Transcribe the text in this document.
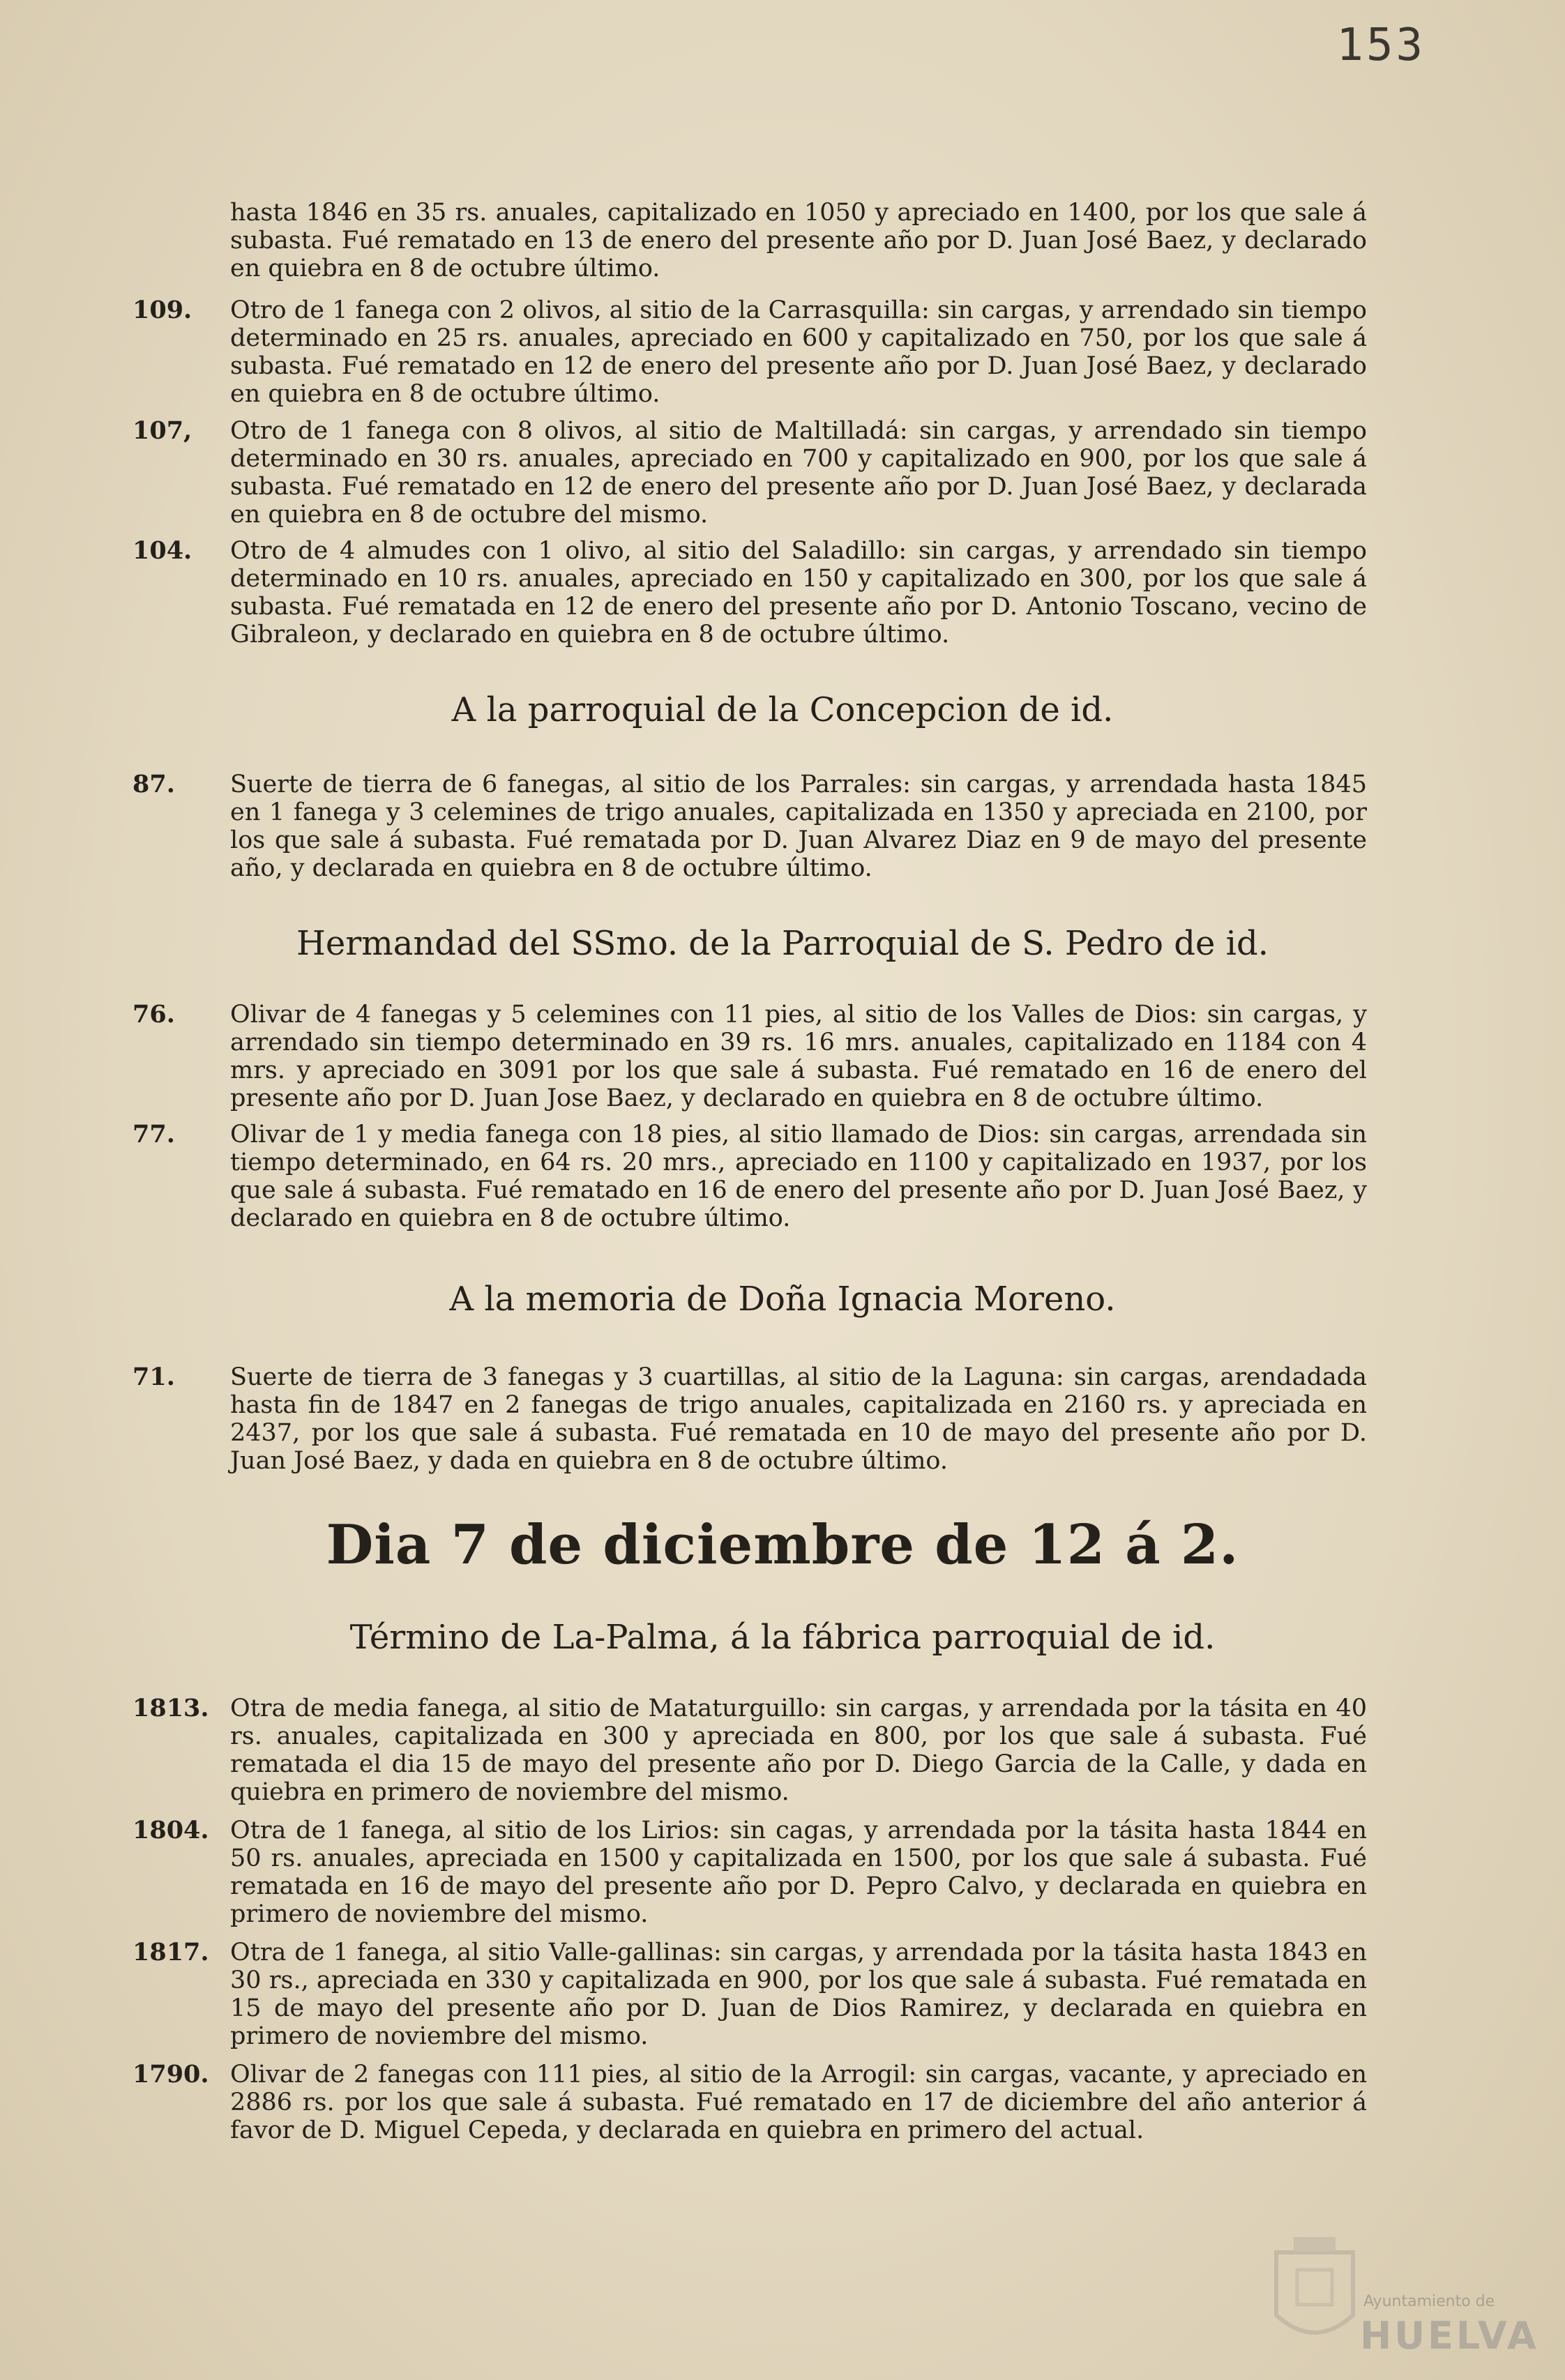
153
hasta 1846 en 35 rs. anuales, capitalizado en 1050 y apreciado en 1400, por los que sale á subasta. Fué rematado en 13 de enero del presente año por D. Juan José Baez, y declarado en quiebra en 8 de octubre último.
109.	Otro de 1 fanega con 2 olivos, al sitio de la Carrasquilla: sin cargas, y arrendado sin tiempo determinado en 25 rs. anuales, apreciado en 600 y capitalizado en 750, por los que sale á subasta. Fué rematado en 12 de enero del presente año por D. Juan José Baez, y declarado en quiebra en 8 de octubre último.
107,	Otro de 1 fanega con 8 olivos, al sitio de Maltilladá: sin cargas, y arrendado sin tiempo determinado en 30 rs. anuales, apreciado en 700 y capitalizado en 900, por los que sale á subasta. Fué rematado en 12 de enero del presente año por D. Juan José Baez, y declarada en quiebra en 8 de octubre del mismo.
104.	Otro de 4 almudes con 1 olivo, al sitio del Saladillo: sin cargas, y arrendado sin tiempo determinado en 10 rs. anuales, apreciado en 150 y capitalizado en 300, por los que sale á subasta. Fué rematada en 12 de enero del presente año por D. Antonio Toscano, vecino de Gibraleon, y declarado en quiebra en 8 de octubre último.
A la parroquial de la Concepcion de id.
87.	Suerte de tierra de 6 fanegas, al sitio de los Parrales: sin cargas, y arrendada hasta 1845 en 1 fanega y 3 celemines de trigo anuales, capitalizada en 1350 y apreciada en 2100, por los que sale á subasta. Fué rematada por D. Juan Alvarez Diaz en 9 de mayo del presente año, y declarada en quiebra en 8 de octubre último.
Hermandad del SSmo. de la Parroquial de S. Pedro de id.
76.	Olivar de 4 fanegas y 5 celemines con 11 pies, al sitio de los Valles de Dios: sin cargas, y arrendado sin tiempo determinado en 39 rs. 16 mrs. anuales, capitalizado en 1184 con 4 mrs. y apreciado en 3091 por los que sale á subasta. Fué rematado en 16 de enero del presente año por D. Juan Jose Baez, y declarado en quiebra en 8 de octubre último.
77.	Olivar de 1 y media fanega con 18 pies, al sitio llamado de Dios: sin cargas, arrendada sin tiempo determinado, en 64 rs. 20 mrs., apreciado en 1100 y capitalizado en 1937, por los que sale á subasta. Fué rematado en 16 de enero del presente año por D. Juan José Baez, y declarado en quiebra en 8 de octubre último.
A la memoria de Doña Ignacia Moreno.
71.	Suerte de tierra de 3 fanegas y 3 cuartillas, al sitio de la Laguna: sin cargas, arendadada hasta fin de 1847 en 2 fanegas de trigo anuales, capitalizada en 2160 rs. y apreciada en 2437, por los que sale á subasta. Fué rematada en 10 de mayo del presente año por D. Juan José Baez, y dada en quiebra en 8 de octubre último.
Dia 7 de diciembre de 12 á 2.
Término de La-Palma, á la fábrica parroquial de id.
1813. Otra de media fanega, al sitio de Mataturguillo: sin cargas, y arrendada por la tásita en 40 rs. anuales, capitalizada en 300 y apreciada en 800, por los que sale á subasta. Fué rematada el dia 15 de mayo del presente año por D. Diego Garcia de la Calle, y dada en quiebra en primero de noviembre del mismo.
1804. Otra de 1 fanega, al sitio de los Lirios: sin cagas, y arrendada por la tásita hasta 1844 en 50 rs. anuales, apreciada en 1500 y capitalizada en 1500, por los que sale á subasta. Fué rematada en 16 de mayo del presente año por D. Pepro Calvo, y declarada en quiebra en primero de noviembre del mismo.
1817. Otra de 1 fanega, al sitio Valle-gallinas: sin cargas, y arrendada por la tásita hasta 1843 en 30 rs., apreciada en 330 y capitalizada en 900, por los que sale á subasta. Fué rematada en 15 de mayo del presente año por D. Juan de Dios Ramirez, y declarada en quiebra en primero de noviembre del mismo.
1790. Olivar de 2 fanegas con 111 pies, al sitio de la Arrogil: sin cargas, vacante, y apreciado en 2886 rs. por los que sale á subasta. Fué rematado en 17 de diciembre del año anterior á favor de D. Miguel Cepeda, y declarada en quiebra en primero del actual.
Ayuntamiento de
HUELVA
